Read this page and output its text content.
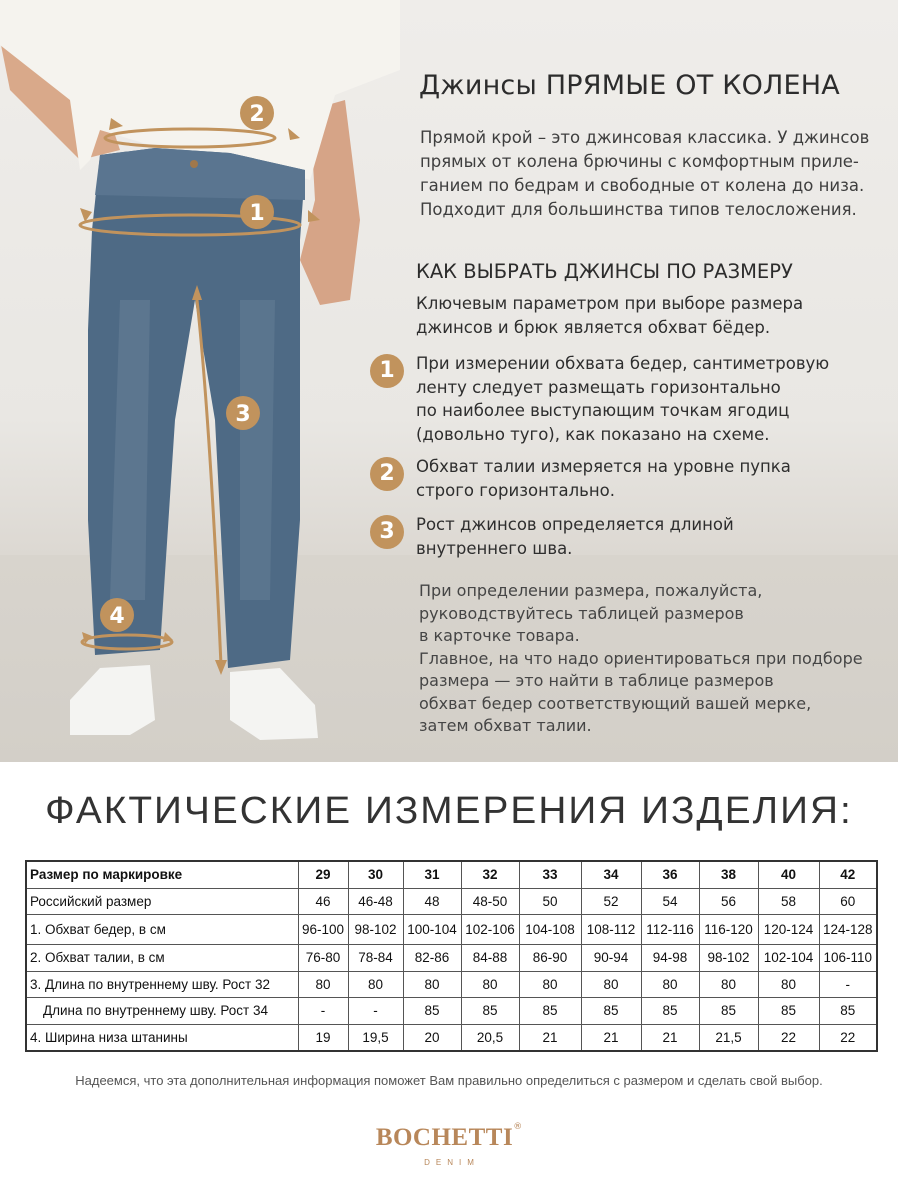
2
1
3
4
Джинсы ПРЯМЫЕ ОТ КОЛЕНА
Прямой крой – это джинсовая классика. У джинсов
прямых от колена брючины с комфортным приле-
ганием по бедрам и свободные от колена до низа.
Подходит для большинства типов телосложения.
КАК ВЫБРАТЬ ДЖИНСЫ ПО РАЗМЕРУ
Ключевым параметром при выборе размера
джинсов и брюк является обхват бёдер.
1	При измерении обхвата бедер, сантиметровую
ленту следует размещать горизонтально
по наиболее выступающим точкам ягодиц
(довольно туго), как показано на схеме.
2	Обхват талии измеряется на уровне пупка
строго горизонтально.
3	Рост джинсов определяется длиной
внутреннего шва.
При определении размера, пожалуйста,
руководствуйтесь таблицей размеров
в карточке товара.
Главное, на что надо ориентироваться при подборе
размера — это найти в таблице размеров
обхват бедер соответствующий вашей мерке,
затем обхват талии.
ФАКТИЧЕСКИЕ ИЗМЕРЕНИЯ ИЗДЕЛИЯ:
Размер по маркировке	29	30	31	32	33	34	36	38	40	42
Российский размер	46	46-48	48	48-50	50	52	54	56	58	60
1. Обхват бедер, в см	96-100	98-102	100-104	102-106	104-108	108-112	112-116	116-120	120-124	124-128
2. Обхват талии, в см	76-80	78-84	82-86	84-88	86-90	90-94	94-98	98-102	102-104	106-110
3. Длина по внутреннему шву. Рост 32	80	80	80	80	80	80	80	80	80	-
Длина по внутреннему шву. Рост 34	-	-	85	85	85	85	85	85	85	85
4. Ширина низа штанины	19	19,5	20	20,5	21	21	21	21,5	22	22
Надеемся, что эта дополнительная информация поможет Вам правильно определиться с размером и сделать свой выбор.
BOCHETTI®
DENIM
